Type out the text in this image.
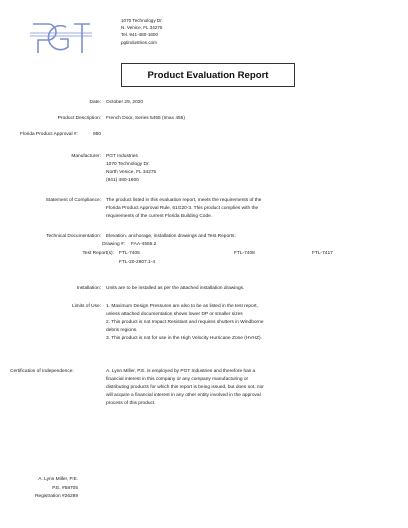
1070 Technology Dr.
N. Venice, FL 34275
Tel. 941-480-1600
pgtindustries.com
Product Evaluation Report
Date: October 29, 2020
Product Description: French Door, Series 5455 (Imax 455)
Florida Product Approval #:	950
Manufacturer: PGT Industries
1070 Technology Dr.
North Venice, FL 34275
(941) 480-1600
Statement of Compliance: The product listed in this evaluation report, meets the requirements of the
Florida Product Approval Rule, 61G20-3. This product complies with the
requirements of the current Florida Building Code.
Technical Documentation: Elevation, anchorage, installation drawings and Test Reports:
Drawing #: FAA-4555.2
Test Report(s): FTL-7405	FTL-7408	FTL-7417
FTL-20-2807.1-4
Installation: Units are to be installed as per the attached installation drawings.
Limits of Use: 1. Maximum Design Pressures are also to be as listed in the test report,
unless attached documentation shows lower DP or smaller sizes
2. This product is not Impact Resistant and requires shutters in Windborne
debris regions.
3. This product is not for use in the High Velocity Hurricane Zone (HVHZ).
Certification of Independence:	A. Lynn Miller, P.E. is employed by PGT Industries and therefore has a
financial interest in this company or any company manufacturing or
distributing products for which this report is being issued, but does not, nor
will acquire a financial interest in any other entity involved in the approval
process of this product.
A. Lynn Miller, P.E.
P.E. #58705
Registration #26289
